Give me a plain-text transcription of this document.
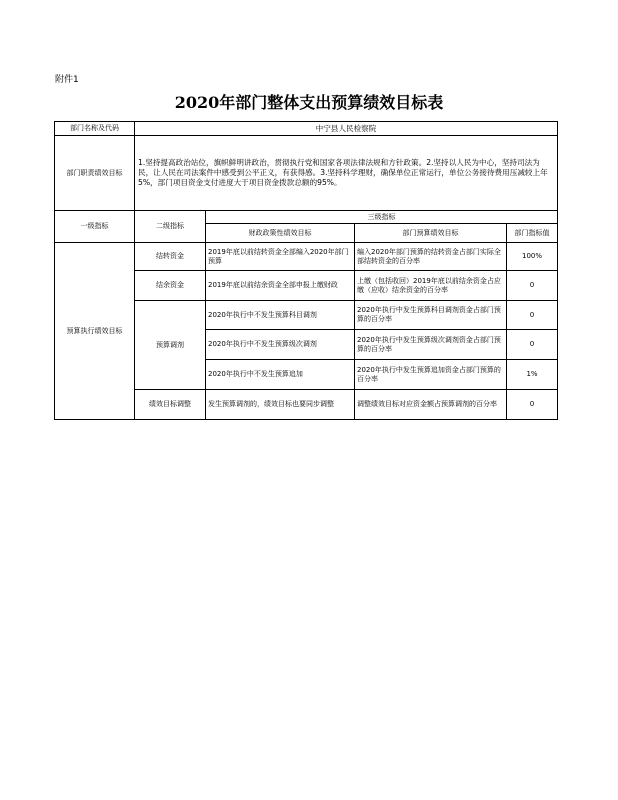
附件1
2020年部门整体支出预算绩效目标表
部门名称及代码	中宁县人民检察院			
部门职责绩效目标	1.坚持提高政治站位，旗帜鲜明讲政治，贯彻执行党和国家各项法律法规和方针政策。2.坚持以人民为中心，坚持司法为民，让人民在司法案件中感受到公平正义，有获得感。3.坚持科学理财，确保单位正常运行，单位公务接待费用压减较上年5%，部门项目资金支付进度大于项目资金拨款总额的95%。			
一级指标	二级指标	三级指标		
		财政政策性绩效目标	部门预算绩效目标	部门指标值
预算执行绩效目标	结转资金	2019年底以前结转资金全部编入2020年部门预算	编入2020年部门预算的结转资金占部门实际全部结转资金的百分率	100%
	结余资金	2019年底以前结余资金全部申报上缴财政	上缴（包括收回）2019年底以前结余资金占应缴（应收）结余资金的百分率	0
	预算调剂	2020年执行中不发生预算科目调剂	2020年执行中发生预算科目调剂资金占部门预算的百分率	0
		2020年执行中不发生预算级次调剂	2020年执行中发生预算级次调剂资金占部门预算的百分率	0
		2020年执行中不发生预算追加	2020年执行中发生预算追加资金占部门预算的百分率	1%
	绩效目标调整	发生预算调剂的，绩效目标也要同步调整	调整绩效目标对应资金额占预算调剂的百分率	0
